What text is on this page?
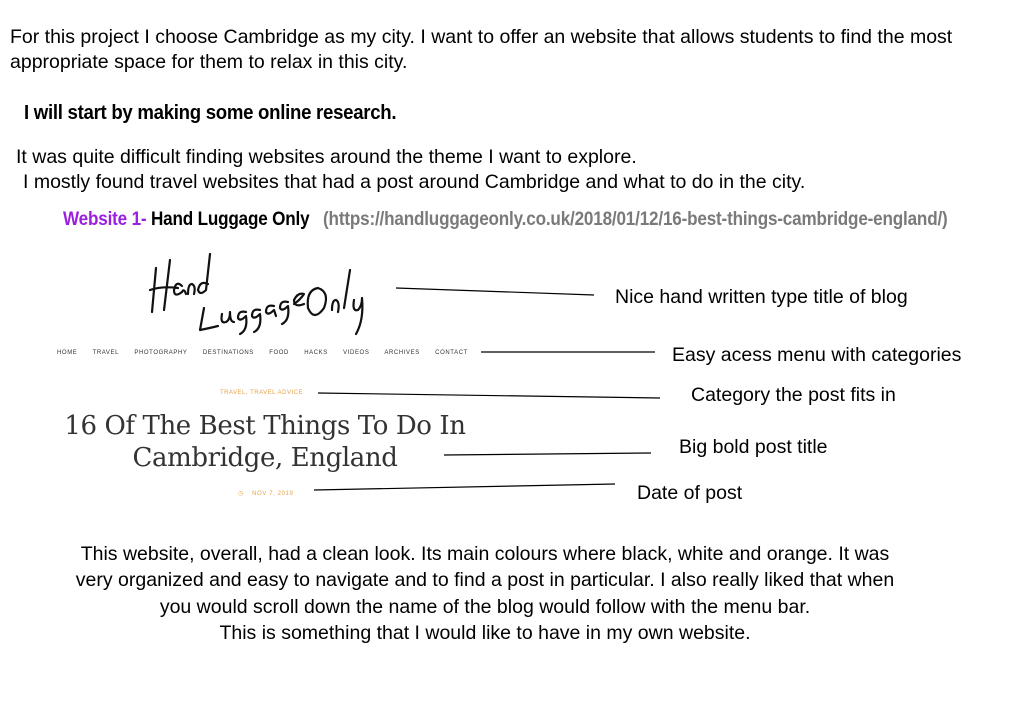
For this project I choose Cambridge as my city. I want to offer an website that allows students to find the most appropriate space for them to relax in this city.
I will start by making some online research.
It was quite difficult finding websites around the theme I want to explore.
I mostly found travel websites that had a post around Cambridge and what to do in the city.
Website 1- Hand Luggage Only (https://handluggageonly.co.uk/2018/01/12/16-best-things-cambridge-england/)
HOME	TRAVEL	PHOTOGRAPHY	DESTINATIONS	FOOD	HACKS	VIDEOS ARCHIVES	CONTACT
TRAVEL, TRAVEL ADVICE
16 Of The Best Things To Do In Cambridge, England
◷ NOV 7, 2019
Nice hand written type title of blog
Easy acess menu with categories
Category the post fits in
Big bold post title
Date of post

This website, overall, had a clean look. Its main colours where black, white and orange. It was very organized and easy to navigate and to find a post in particular. I also really liked that when you would scroll down the name of the blog would follow with the menu bar.

This is something that I would like to have in my own website.
